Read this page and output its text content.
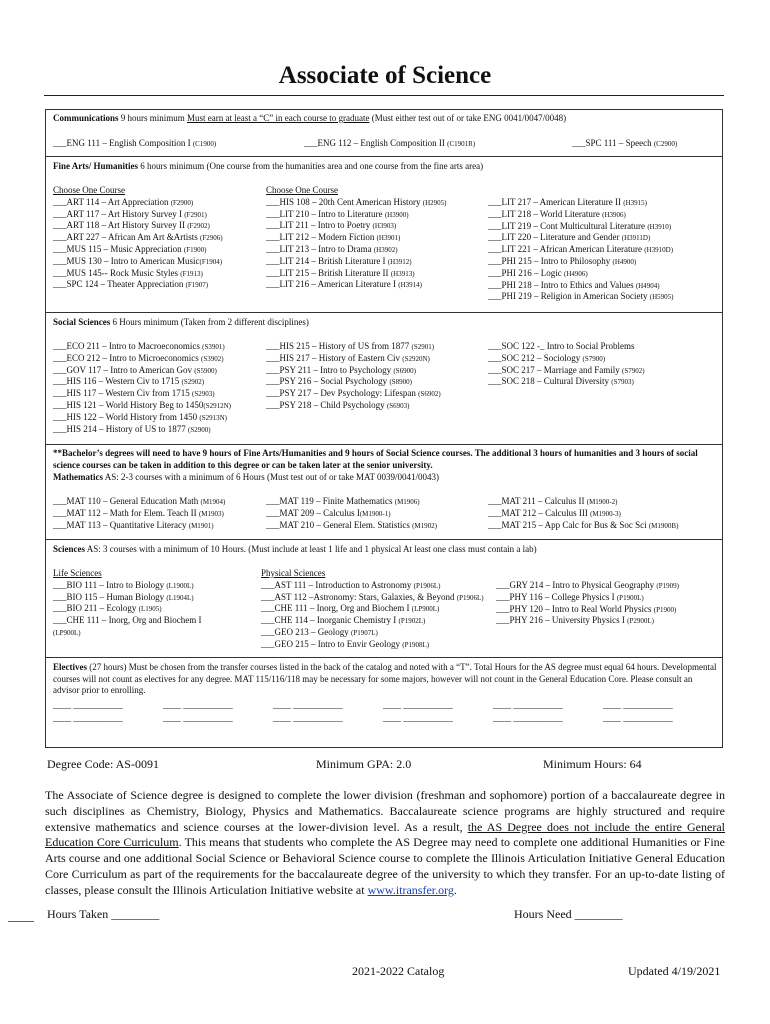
Associate of Science
Communications 9 hours minimum Must earn at least a “C” in each course to graduate (Must either test out of or take ENG 0041/0047/0048)
___ENG 111 – English Composition I (C1900)	___ENG 112 – English Composition II (C1901R)	___SPC 111 – Speech (C2900)
Fine Arts/ Humanities 6 hours minimum (One course from the humanities area and one course from the fine arts area)
Choose One Course
___ART 114 – Art Appreciation (F2900)
___ART 117 – Art History Survey I (F2901)
___ART 118 – Art History Survey II (F2902)
___ART 227 – African Am Art &Artists (F2906)
___MUS 115 – Music Appreciation (F1900)
___MUS 130 – Intro to American Music(F1904)
___MUS 145-- Rock Music Styles (F1913)
___SPC 124 – Theater Appreciation (F1907)
Choose One Course
___HIS 108 – 20th Cent American History (H2905)
___LIT 210 – Intro to Literature (H3900)
___LIT 211 – Intro to Poetry (H3903)
___LIT 212 – Modern Fiction (H3901)
___LIT 213 – Intro to Drama (H3902)
___LIT 214 – British Literature I (H3912)
___LIT 215 – British Literature II (H3913)
___LIT 216 – American Literature I (H3914)
___LIT 217 – American Literature II (H3915)
___LIT 218 – World Literature (H3906)
___LIT 219 – Cont Multicultural Literature (H3910)
___LIT 220 – Literature and Gender (H3911D)
___LIT 221 – African American Literature (H3910D)
___PHI 215 – Intro to Philosophy (H4900)
___PHI 216 – Logic (H4906)
___PHI 218 – Intro to Ethics and Values (H4904)
___PHI 219 – Religion in American Society (H5905)
Social Sciences 6 Hours minimum (Taken from 2 different disciplines)
___ECO 211 – Intro to Macroeconomics (S3901)
___ECO 212 – Intro to Microeconomics (S3902)
___GOV 117 – Intro to American Gov (S5900)
___HIS 116 – Western Civ to 1715 (S2902)
___HIS 117 – Western Civ from 1715 (S2903)
___HIS 121 – World History Beg to 1450(S2912N)
___HIS 122 – World History from 1450 (S2913N)
___HIS 214 – History of US to 1877 (S2900)
___HIS 215 – History of US from 1877 (S2901)
___HIS 217 – History of Eastern Civ (S2920N)
___PSY 211 – Intro to Psychology (S6900)
___PSY 216 – Social Psychology (S8900)
___PSY 217 – Dev Psychology: Lifespan (S6902)
___PSY 218 – Child Psychology (S6903)
___SOC 122 -_ Intro to Social Problems
___SOC 212 – Sociology (S7900)
___SOC 217 – Marriage and Family (S7902)
___SOC 218 – Cultural Diversity (S7903)
**Bachelor’s degrees will need to have 9 hours of Fine Arts/Humanities and 9 hours of Social Science courses. The additional 3 hours of humanities and 3 hours of social science courses can be taken in addition to this degree or can be taken later at the senior university.
Mathematics AS: 2-3 courses with a minimum of 6 Hours (Must test out of or take MAT 0039/0041/0043)
___MAT 110 – General Education Math (M1904)
___MAT 112 – Math for Elem. Teach II (M1903)
___MAT 113 – Quantitative Literacy (M1901)
___MAT 119 – Finite Mathematics (M1906)
___MAT 209 – Calculus I(M1900-1)
___MAT 210 – General Elem. Statistics (M1902)
___MAT 211 – Calculus II (M1900-2)
___MAT 212 – Calculus III (M1900-3)
___MAT 215 – App Calc for Bus & Soc Sci (M1900B)
Sciences AS: 3 courses with a minimum of 10 Hours. (Must include at least 1 life and 1 physical At least one class must contain a lab)
Life Sciences
___BIO 111 – Intro to Biology (L1900L)
___BIO 115 – Human Biology (L1904L)
___BIO 211 – Ecology (L1905)
___CHE 111 – Inorg, Org and Biochem I
(LP900L)
Physical Sciences
___AST 111 – Introduction to Astronomy (P1906L)
___AST 112 –Astronomy: Stars, Galaxies, & Beyond (P1906L)
___CHE 111 – Inorg, Org and Biochem I (LP900L)
___CHE 114 – Inorganic Chemistry I (P1902L)
___GEO 213 – Geology (P1907L)
___GEO 215 – Intro to Envir Geology (P1908L)
___GRY 214 – Intro to Physical Geography (P1909)
___PHY 116 – College Physics I (P1900L)
___PHY 120 – Intro to Real World Physics (P1900)
___PHY 216 – University Physics I (P2900L)
Electives (27 hours) Must be chosen from the transfer courses listed in the back of the catalog and noted with a “T”. Total Hours for the AS degree must equal 64 hours. Developmental courses will not count as electives for any degree. MAT 115/116/118 may be necessary for some majors, however will not count in the General Education Core. Please consult an advisor prior to enrolling.
____ ___________	____ ___________	____ ___________	____ ___________	____ ___________	____ ___________
____ ___________	____ ___________	____ ___________	____ ___________	____ ___________	____ ___________
Degree Code: AS-0091	Minimum GPA: 2.0	Minimum Hours: 64
The Associate of Science degree is designed to complete the lower division (freshman and sophomore) portion of a baccalaureate degree in such disciplines as Chemistry, Biology, Physics and Mathematics. Baccalaureate science programs are highly structured and require extensive mathematics and science courses at the lower-division level. As a result, the AS Degree does not include the entire General Education Core Curriculum. This means that students who complete the AS Degree may need to complete one additional Humanities or Fine Arts course and one additional Social Science or Behavioral Science course to complete the Illinois Articulation Initiative General Education Core Curriculum as part of the requirements for the baccalaureate degree of the university to which they transfer. For an up-to-date listing of classes, please consult the Illinois Articulation Initiative website at www.itransfer.org.
Hours Taken ________	Hours Need ________
2021-2022 Catalog	Updated 4/19/2021
